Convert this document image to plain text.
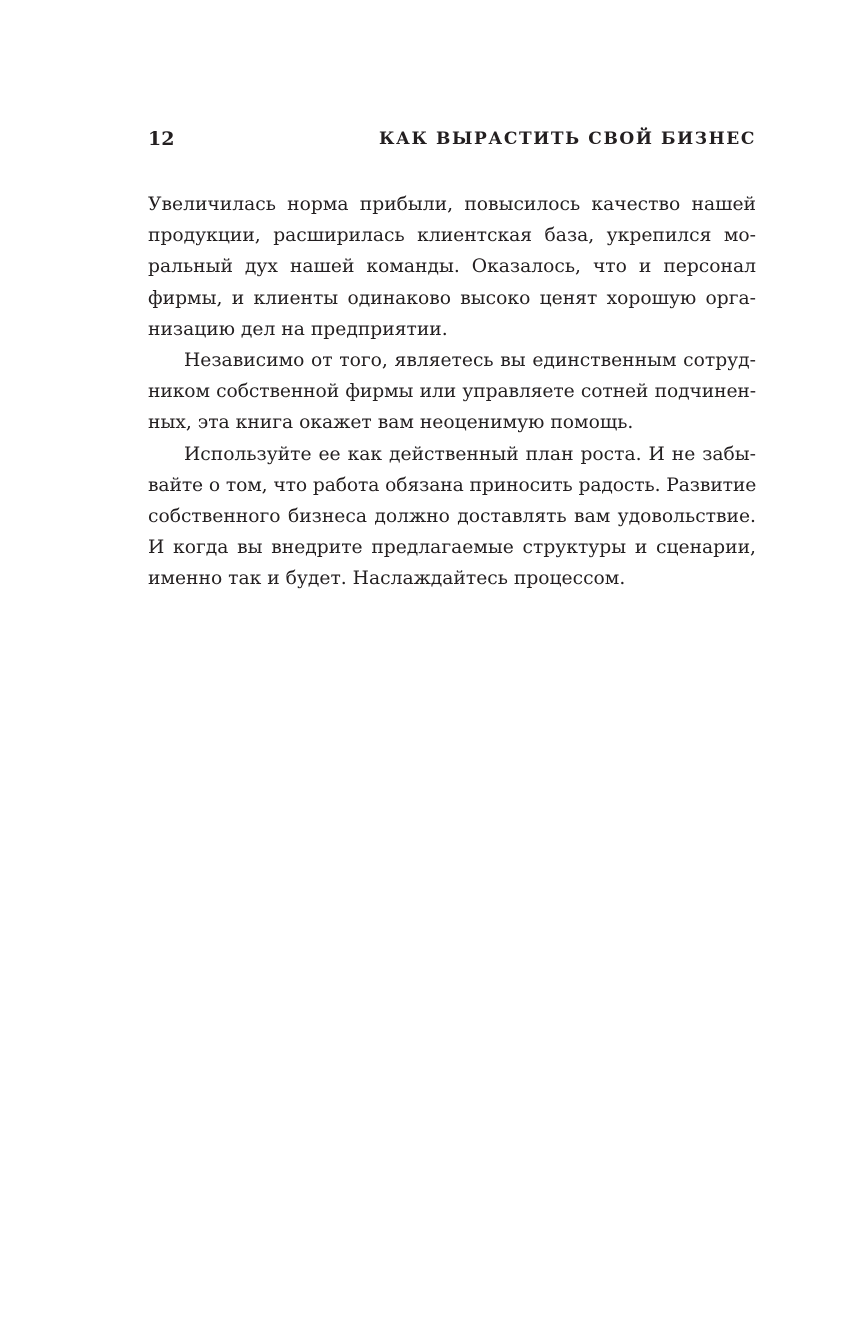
12	КАК ВЫРАСТИТЬ СВОЙ БИЗНЕС
Увеличилась норма прибыли, повысилось качество нашей
продукции, расширилась клиентская база, укрепился мо-
ральный дух нашей команды. Оказалось, что и персонал
фирмы, и клиенты одинаково высоко ценят хорошую орга-
низацию дел на предприятии.
Независимо от того, являетесь вы единственным сотруд-
ником собственной фирмы или управляете сотней подчинен-
ных, эта книга окажет вам неоценимую помощь.
Используйте ее как действенный план роста. И не забы-
вайте о том, что работа обязана приносить радость. Развитие
собственного бизнеса должно доставлять вам удовольствие.
И когда вы внедрите предлагаемые структуры и сценарии,
именно так и будет. Наслаждайтесь процессом.
